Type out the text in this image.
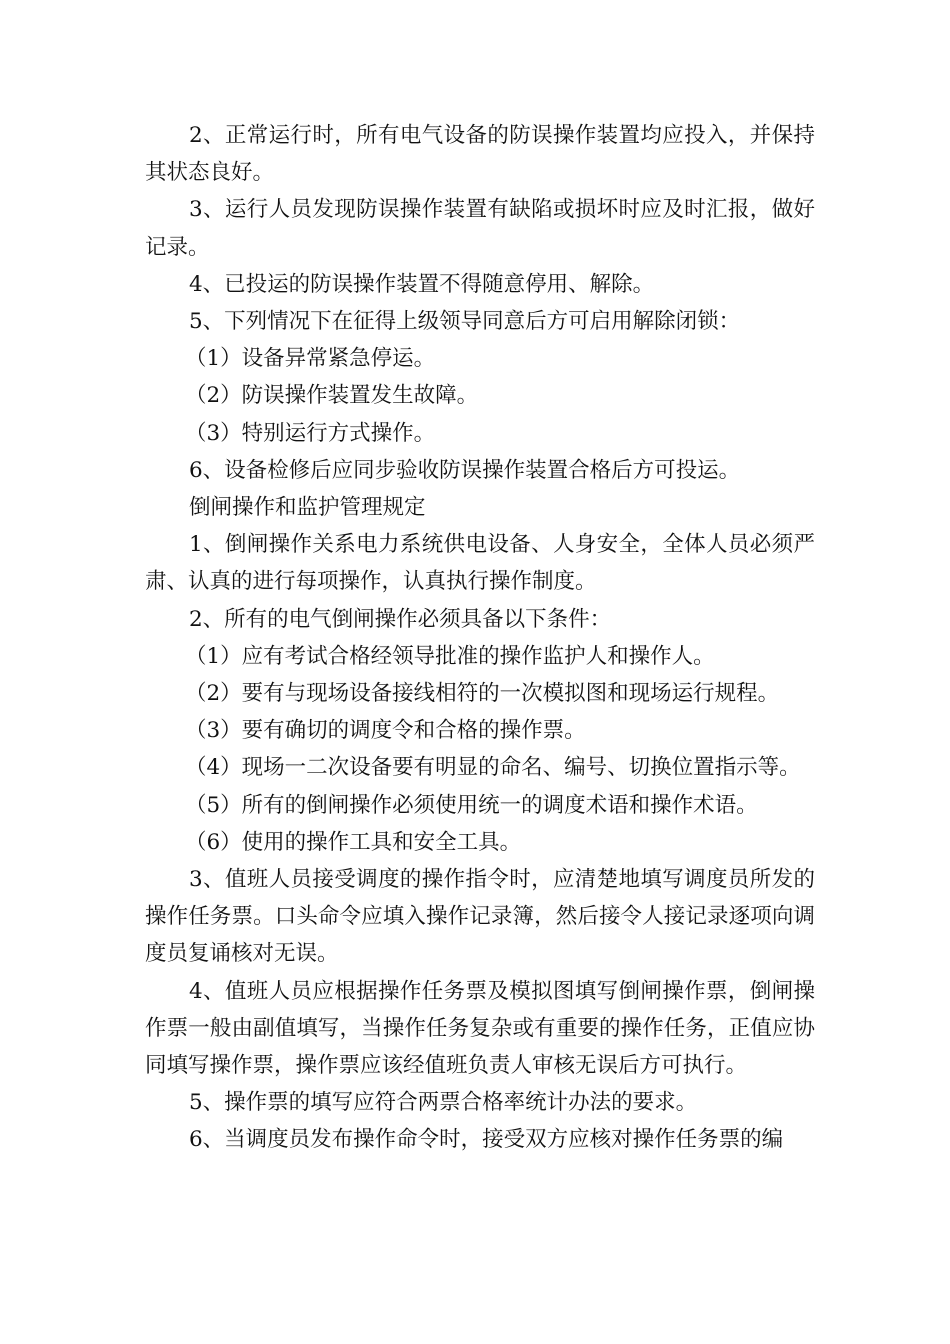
2、正常运行时，所有电气设备的防误操作装置均应投入，并保持其状态良好。

3、运行人员发现防误操作装置有缺陷或损坏时应及时汇报，做好记录。

4、已投运的防误操作装置不得随意停用、解除。

5、下列情况下在征得上级领导同意后方可启用解除闭锁：

（1）设备异常紧急停运。

（2）防误操作装置发生故障。

（3）特别运行方式操作。

6、设备检修后应同步验收防误操作装置合格后方可投运。

倒闸操作和监护管理规定

1、倒闸操作关系电力系统供电设备、人身安全，全体人员必须严肃、认真的进行每项操作，认真执行操作制度。

2、所有的电气倒闸操作必须具备以下条件：

（1）应有考试合格经领导批准的操作监护人和操作人。

（2）要有与现场设备接线相符的一次模拟图和现场运行规程。

（3）要有确切的调度令和合格的操作票。

（4）现场一二次设备要有明显的命名、编号、切换位置指示等。

（5）所有的倒闸操作必须使用统一的调度术语和操作术语。

（6）使用的操作工具和安全工具。

3、值班人员接受调度的操作指令时，应清楚地填写调度员所发的操作任务票。口头命令应填入操作记录簿，然后接令人接记录逐项向调度员复诵核对无误。

4、值班人员应根据操作任务票及模拟图填写倒闸操作票，倒闸操作票一般由副值填写，当操作任务复杂或有重要的操作任务，正值应协同填写操作票，操作票应该经值班负责人审核无误后方可执行。

5、操作票的填写应符合两票合格率统计办法的要求。

6、当调度员发布操作命令时，接受双方应核对操作任务票的编
